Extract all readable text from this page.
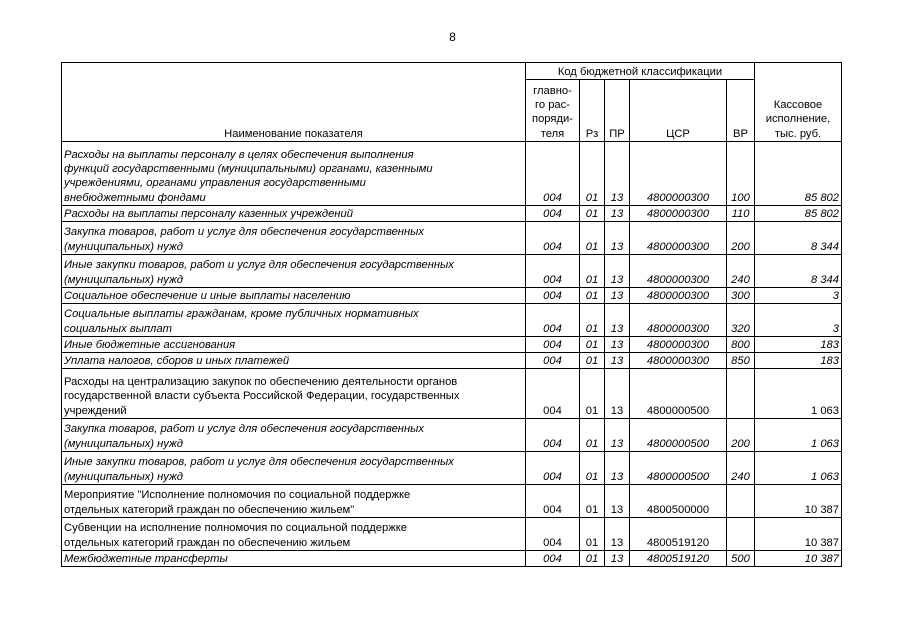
8
Наименование показателя	Код бюджетной классификации					Кассовое
исполнение,
тыс. руб.

	главно-
го рас-
поряди-
теля	Рз	ПР	ЦСР	ВР	

Расходы на выплаты персоналу в целях обеспечения выполнения
функций государственными (муниципальными) органами, казенными
учреждениями, органами управления государственными
внебюджетными фондами	004	01	13	4800000300	100	85 802

Расходы на выплаты персоналу казенных учреждений	004	01	13	4800000300	110	85 802

Закупка товаров, работ и услуг для обеспечения государственных
(муниципальных) нужд	004	01	13	4800000300	200	8 344

Иные закупки товаров, работ и услуг для обеспечения государственных
(муниципальных) нужд	004	01	13	4800000300	240	8 344

Социальное обеспечение и иные выплаты населению	004	01	13	4800000300	300	3

Социальные выплаты гражданам, кроме публичных нормативных
социальных выплат	004	01	13	4800000300	320	3

Иные бюджетные ассигнования	004	01	13	4800000300	800	183

Уплата налогов, сборов и иных платежей	004	01	13	4800000300	850	183

Расходы на централизацию закупок по обеспечению деятельности органов
государственной власти субъекта Российской Федерации, государственных
учреждений	004	01	13	4800000500		1 063

Закупка товаров, работ и услуг для обеспечения государственных
(муниципальных) нужд	004	01	13	4800000500	200	1 063

Иные закупки товаров, работ и услуг для обеспечения государственных
(муниципальных) нужд	004	01	13	4800000500	240	1 063

Мероприятие "Исполнение полномочия по социальной поддержке
отдельных категорий граждан по обеспечению жильем"	004	01	13	4800500000		10 387

Субвенции на исполнение полномочия по социальной поддержке
отдельных категорий граждан по обеспечению жильем	004	01	13	4800519120		10 387

Межбюджетные трансферты	004	01	13	4800519120	500	10 387
